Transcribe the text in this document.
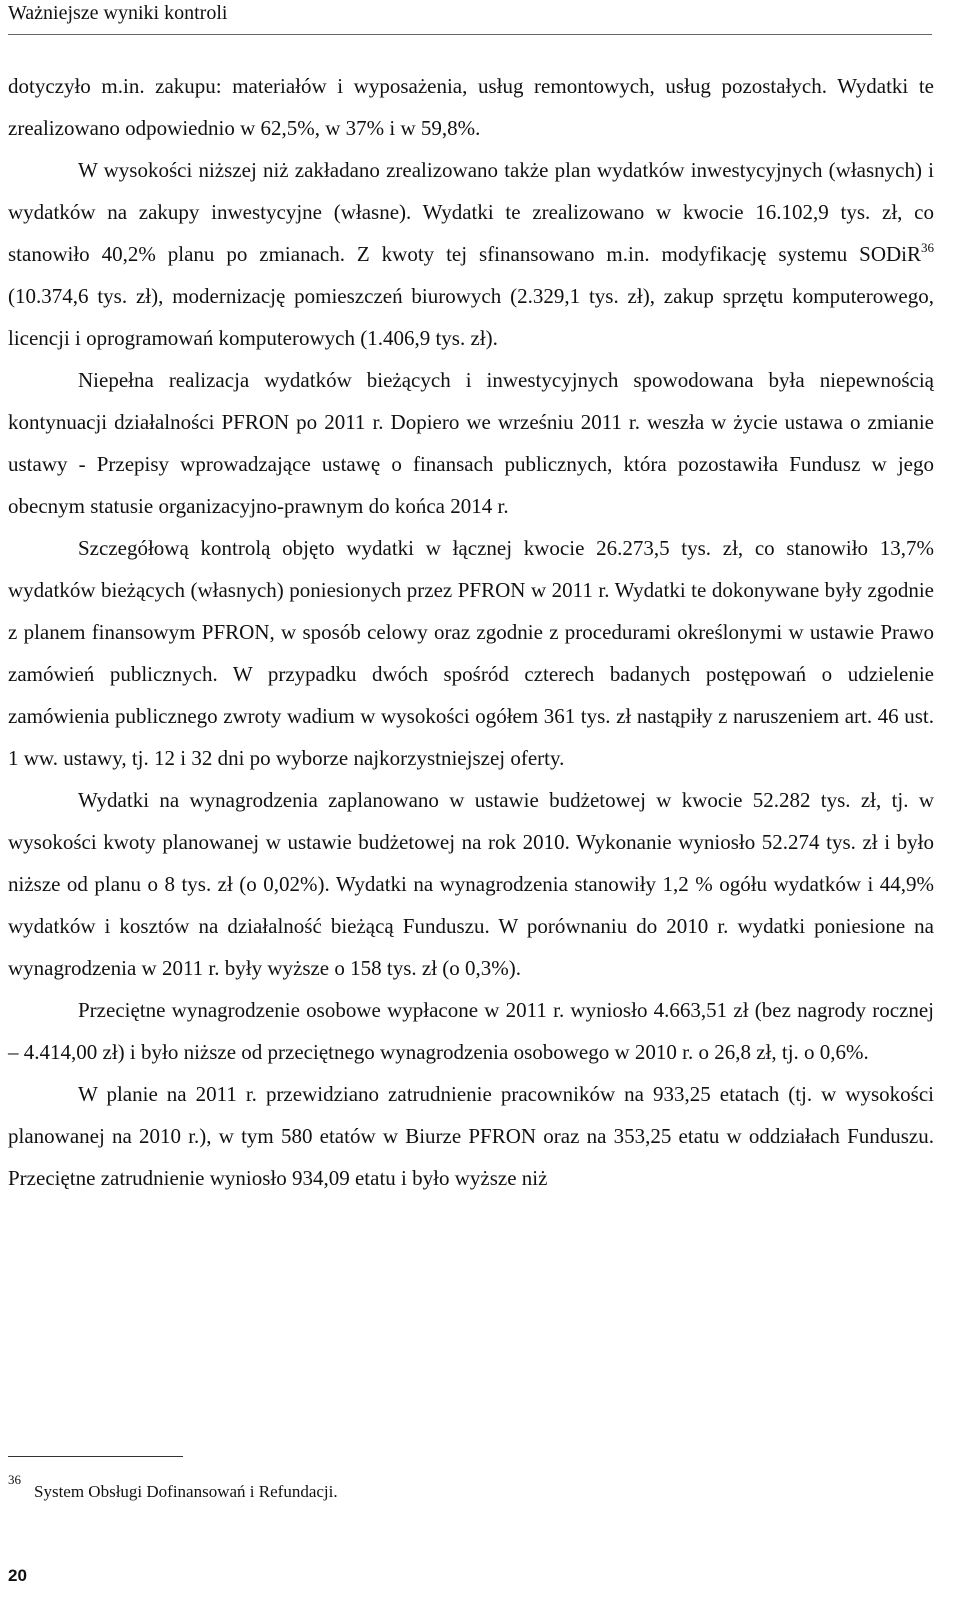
Ważniejsze wyniki kontroli

dotyczyło m.in. zakupu: materiałów i wyposażenia, usług remontowych, usług pozostałych. Wydatki te zrealizowano odpowiednio w 62,5%, w 37% i w 59,8%.

W wysokości niższej niż zakładano zrealizowano także plan wydatków inwestycyjnych (własnych) i wydatków na zakupy inwestycyjne (własne). Wydatki te zrealizowano w kwocie 16.102,9 tys. zł, co stanowiło 40,2% planu po zmianach. Z kwoty tej sfinansowano m.in. modyfikację systemu SODiR$^{36}$ (10.374,6 tys. zł), modernizację pomieszczeń biurowych (2.329,1 tys. zł), zakup sprzętu komputerowego, licencji i oprogramowań komputerowych (1.406,9 tys. zł).

Niepełna realizacja wydatków bieżących i inwestycyjnych spowodowana była niepewnością kontynuacji działalności PFRON po 2011 r. Dopiero we wrześniu 2011 r. weszła w życie ustawa o zmianie ustawy - Przepisy wprowadzające ustawę o finansach publicznych, która pozostawiła Fundusz w jego obecnym statusie organizacyjno-prawnym do końca 2014 r.

Szczegółową kontrolą objęto wydatki w łącznej kwocie 26.273,5 tys. zł, co stanowiło 13,7% wydatków bieżących (własnych) poniesionych przez PFRON w 2011 r. Wydatki te dokonywane były zgodnie z planem finansowym PFRON, w sposób celowy oraz zgodnie z procedurami określonymi w ustawie Prawo zamówień publicznych. W przypadku dwóch spośród czterech badanych postępowań o udzielenie zamówienia publicznego zwroty wadium w wysokości ogółem 361 tys. zł nastąpiły z naruszeniem art. 46 ust. 1 ww. ustawy, tj. 12 i 32 dni po wyborze najkorzystniejszej oferty.

Wydatki na wynagrodzenia zaplanowano w ustawie budżetowej w kwocie 52.282 tys. zł, tj. w wysokości kwoty planowanej w ustawie budżetowej na rok 2010. Wykonanie wyniosło 52.274 tys. zł i było niższe od planu o 8 tys. zł (o 0,02%). Wydatki na wynagrodzenia stanowiły 1,2 % ogółu wydatków i 44,9% wydatków i kosztów na działalność bieżącą Funduszu. W porównaniu do 2010 r. wydatki poniesione na wynagrodzenia w 2011 r. były wyższe o 158 tys. zł (o 0,3%).

Przeciętne wynagrodzenie osobowe wypłacone w 2011 r. wyniosło 4.663,51 zł (bez nagrody rocznej – 4.414,00 zł) i było niższe od przeciętnego wynagrodzenia osobowego w 2010 r. o 26,8 zł, tj. o 0,6%.

W planie na 2011 r. przewidziano zatrudnienie pracowników na 933,25 etatach (tj. w wysokości planowanej na 2010 r.), w tym 580 etatów w Biurze PFRON oraz na 353,25 etatu w oddziałach Funduszu. Przeciętne zatrudnienie wyniosło 934,09 etatu i było wyższe niż

36
System Obsługi Dofinansowań i Refundacji.
20
